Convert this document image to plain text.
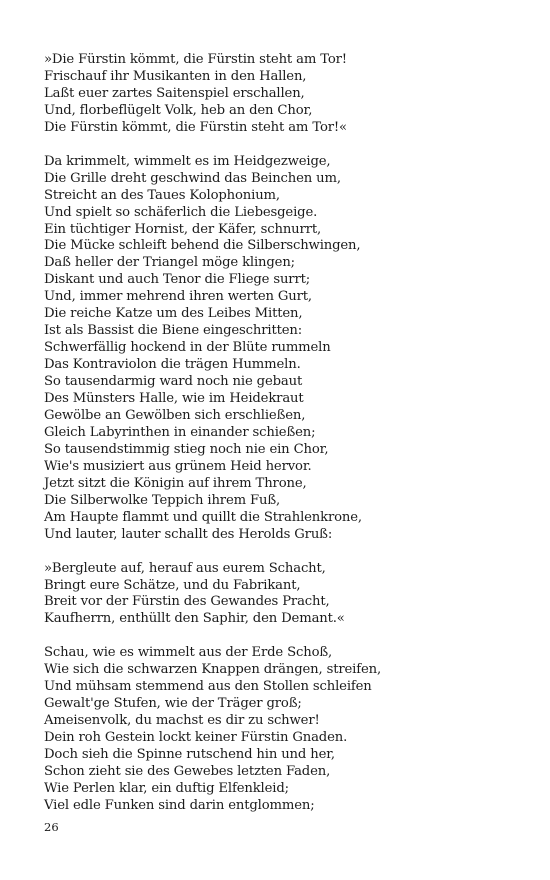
»Die Fürstin kömmt, die Fürstin steht am Tor!
Frischauf ihr Musikanten in den Hallen,
Laßt euer zartes Saitenspiel erschallen,
Und, florbeflügelt Volk, heb an den Chor,
Die Fürstin kömmt, die Fürstin steht am Tor!«
Da krimmelt, wimmelt es im Heidgezweige,
Die Grille dreht geschwind das Beinchen um,
Streicht an des Taues Kolophonium,
Und spielt so schäferlich die Liebesgeige.
Ein tüchtiger Hornist, der Käfer, schnurrt,
Die Mücke schleift behend die Silberschwingen,
Daß heller der Triangel möge klingen;
Diskant und auch Tenor die Fliege surrt;
Und, immer mehrend ihren werten Gurt,
Die reiche Katze um des Leibes Mitten,
Ist als Bassist die Biene eingeschritten:
Schwerfällig hockend in der Blüte rummeln
Das Kontraviolon die trägen Hummeln.
So tausendarmig ward noch nie gebaut
Des Münsters Halle, wie im Heidekraut
Gewölbe an Gewölben sich erschließen,
Gleich Labyrinthen in einander schießen;
So tausendstimmig stieg noch nie ein Chor,
Wie's musiziert aus grünem Heid hervor.
Jetzt sitzt die Königin auf ihrem Throne,
Die Silberwolke Teppich ihrem Fuß,
Am Haupte flammt und quillt die Strahlenkrone,
Und lauter, lauter schallt des Herolds Gruß:
»Bergleute auf, herauf aus eurem Schacht,
Bringt eure Schätze, und du Fabrikant,
Breit vor der Fürstin des Gewandes Pracht,
Kaufherrn, enthüllt den Saphir, den Demant.«
Schau, wie es wimmelt aus der Erde Schoß,
Wie sich die schwarzen Knappen drängen, streifen,
Und mühsam stemmend aus den Stollen schleifen
Gewalt'ge Stufen, wie der Träger groß;
Ameisenvolk, du machst es dir zu schwer!
Dein roh Gestein lockt keiner Fürstin Gnaden.
Doch sieh die Spinne rutschend hin und her,
Schon zieht sie des Gewebes letzten Faden,
Wie Perlen klar, ein duftig Elfenkleid;
Viel edle Funken sind darin entglommen;
26
